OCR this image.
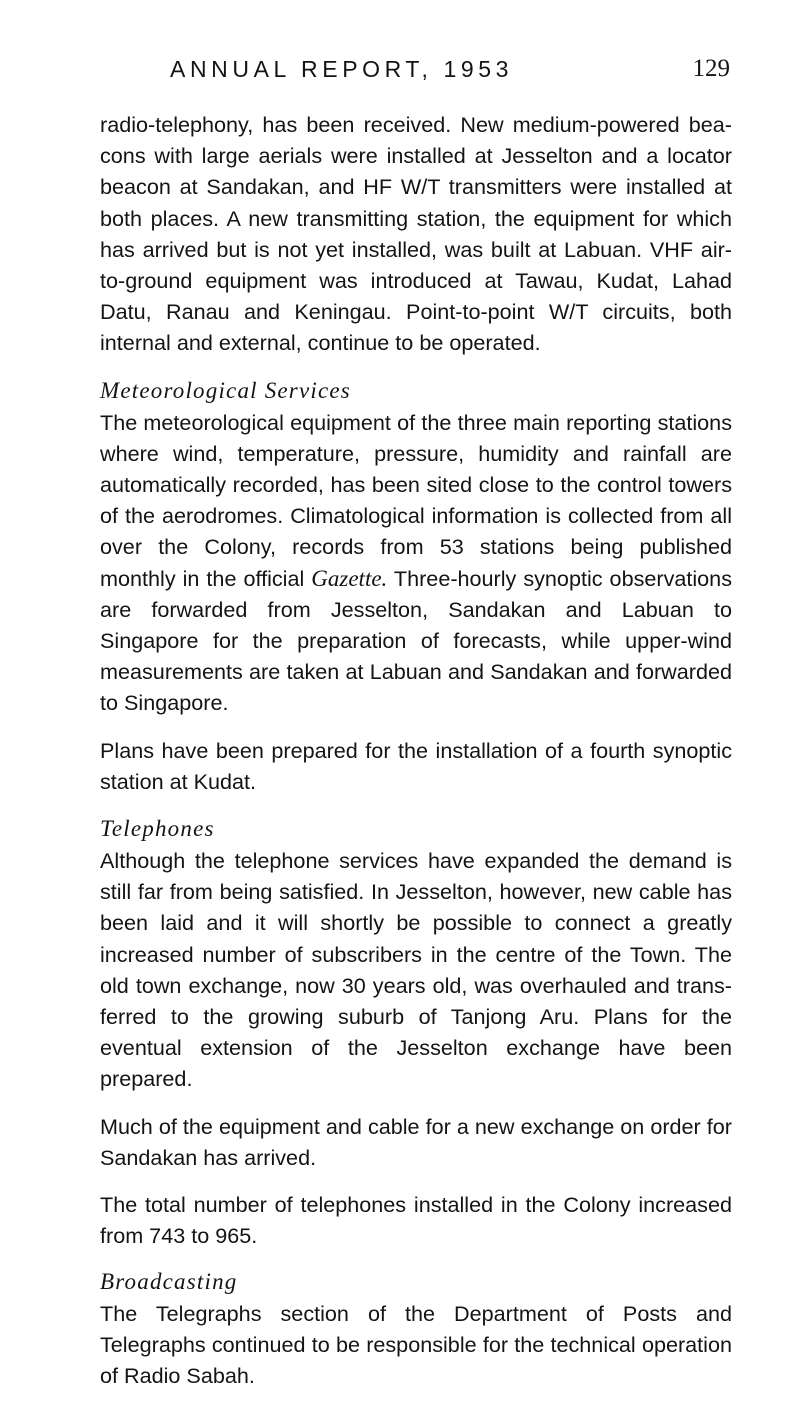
ANNUAL REPORT, 1953	129

radio-telephony, has been received. New medium-powered beacons with large aerials were installed at Jesselton and a locator beacon at Sandakan, and HF W/T transmitters were installed at both places. A new transmitting station, the equipment for which has arrived but is not yet installed, was built at Labuan. VHF air-to-ground equipment was introduced at Tawau, Kudat, Lahad Datu, Ranau and Keningau. Point-to-point W/T circuits, both internal and external, continue to be operated.

Meteorological Services

The meteorological equipment of the three main reporting stations where wind, temperature, pressure, humidity and rainfall are automatically recorded, has been sited close to the control towers of the aerodromes. Climatological information is collected from all over the Colony, records from 53 stations being published monthly in the official Gazette. Three-hourly synoptic observations are forwarded from Jesselton, Sandakan and Labuan to Singapore for the preparation of forecasts, while upper-wind measurements are taken at Labuan and Sandakan and forwarded to Singapore.

Plans have been prepared for the installation of a fourth synoptic station at Kudat.

Telephones

Although the telephone services have expanded the demand is still far from being satisfied. In Jesselton, however, new cable has been laid and it will shortly be possible to connect a greatly increased number of subscribers in the centre of the Town. The old town exchange, now 30 years old, was overhauled and transferred to the growing suburb of Tanjong Aru. Plans for the eventual extension of the Jesselton exchange have been prepared.

Much of the equipment and cable for a new exchange on order for Sandakan has arrived.

The total number of telephones installed in the Colony increased from 743 to 965.

Broadcasting

The Telegraphs section of the Department of Posts and Telegraphs continued to be responsible for the technical operation of Radio Sabah.
